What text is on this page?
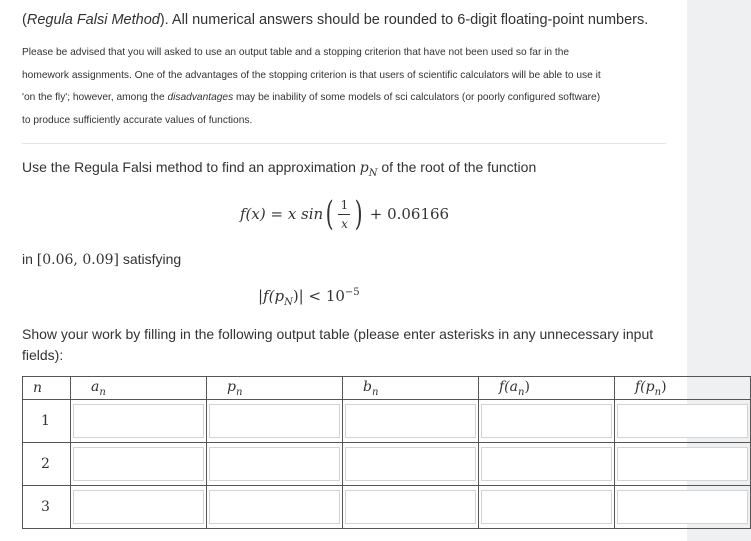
(Regula Falsi Method). All numerical answers should be rounded to 6-digit floating-point numbers.
Please be advised that you will asked to use an output table and a stopping criterion that have not been used so far in the
homework assignments. One of the advantages of the stopping criterion is that users of scientific calculators will be able to use it
'on the fly'; however, among the disadvantages may be inability of some models of sci calculators (or poorly configured software)
to produce sufficiently accurate values of functions.
Use the Regula Falsi method to find an approximation $p_N$ of the root of the function
f(x) = x sin ( $\frac{1}{x}$ ) + 0.06166
in [0.06, 0.09] satisfying
$|f(p_N)| < 10^{-5}$
Show your work by filling in the following output table (please enter asterisks in any unnecessary input fields):
n	$a_n$	$p_n$	$b_n$	$f(a_n)$	$f(p_n)$
1	

2	

3	
